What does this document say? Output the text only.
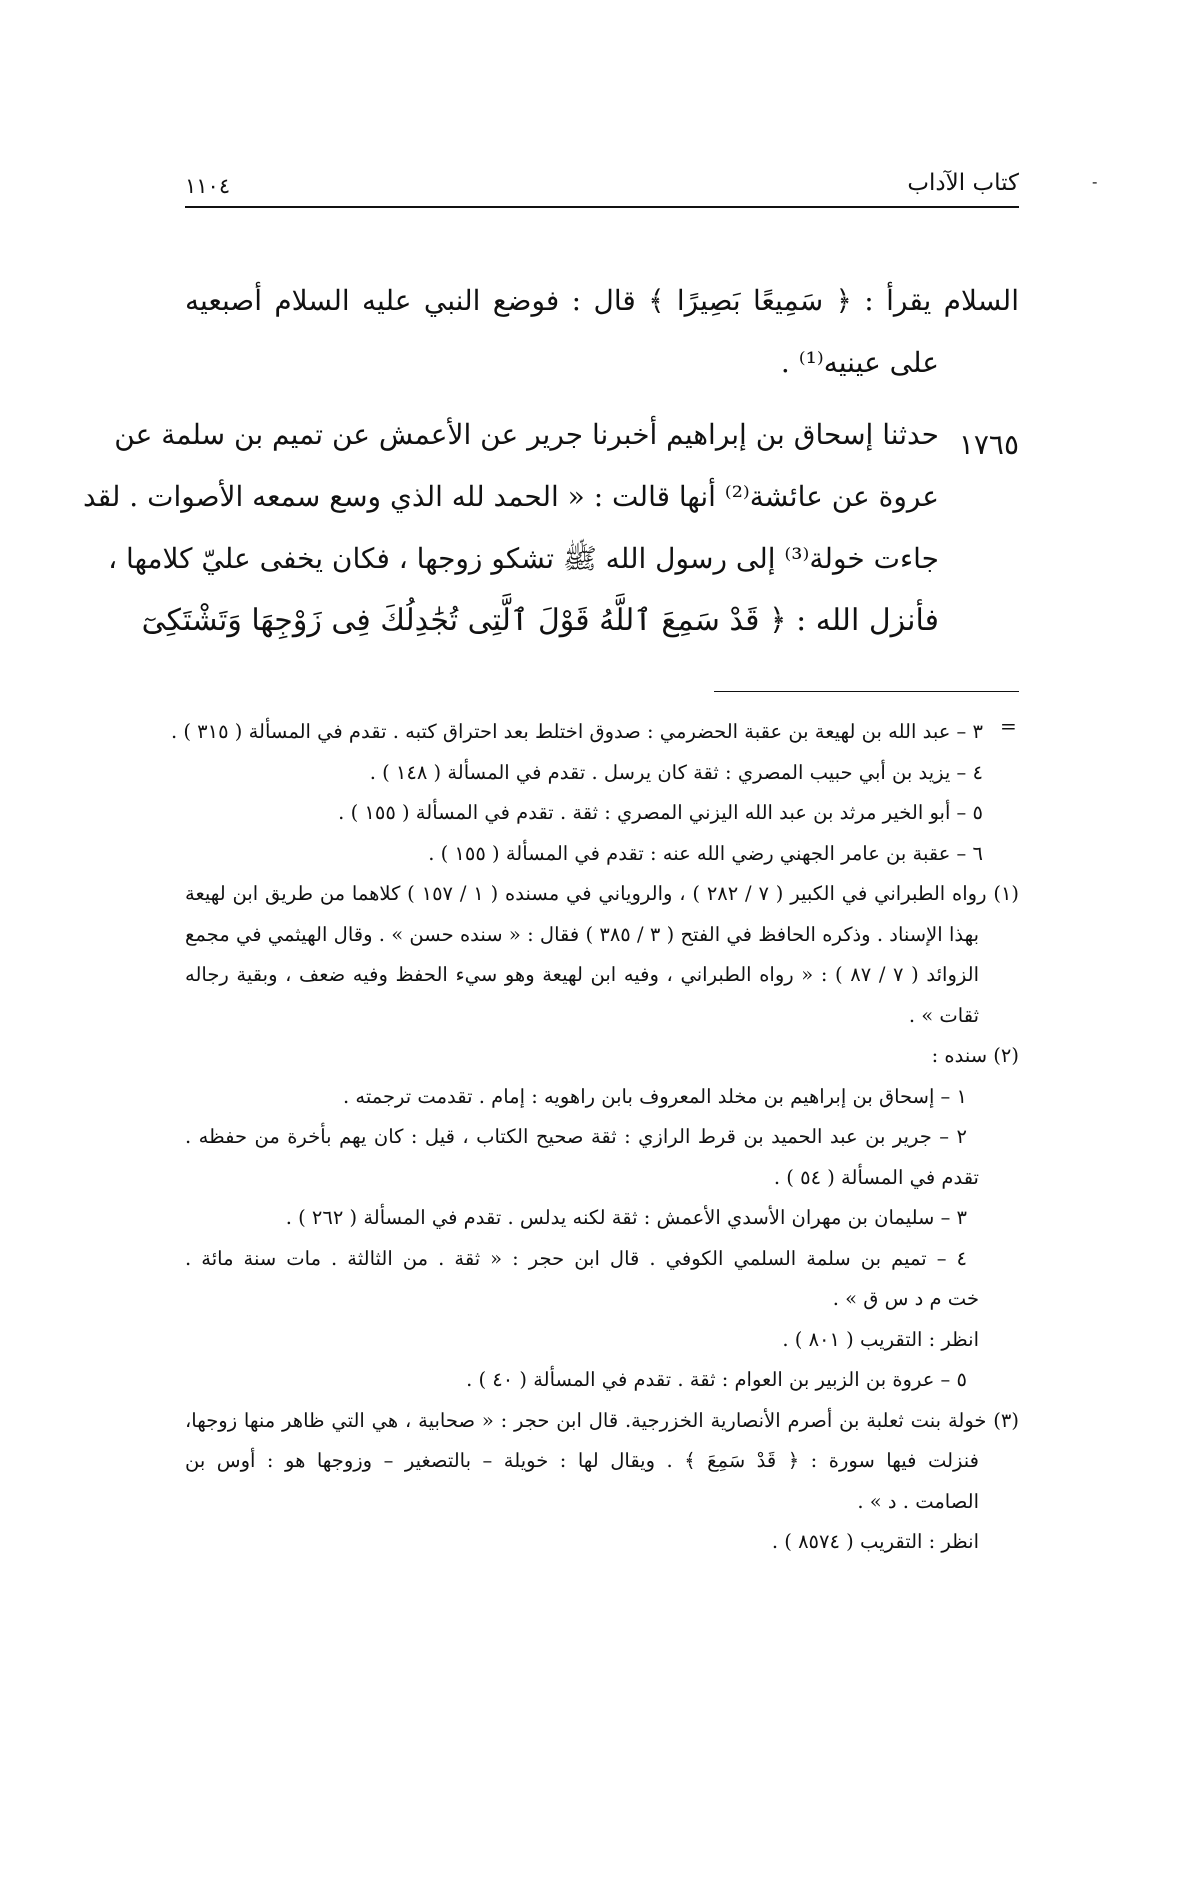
-
كتاب الآداب
١١٠٤
١٧٦٥
السلام يقرأ : ﴿ سَمِيعًا بَصِيرًا ﴾ قال : فوضع النبي عليه السلام أصبعيه
على عينيه⁽¹⁾ .
حدثنا إسحاق بن إبراهيم أخبرنا جرير عن الأعمش عن تميم بن سلمة عن
عروة عن عائشة⁽²⁾ أنها قالت : « الحمد لله الذي وسع سمعه الأصوات . لقد
جاءت خولة⁽³⁾ إلى رسول الله ﷺ تشكو زوجها ، فكان يخفى عليّ كلامها ،
فأنزل الله : ﴿ قَدْ سَمِعَ ٱللَّهُ قَوْلَ ٱلَّتِى تُجَٰدِلُكَ فِى زَوْجِهَا وَتَشْتَكِىٓ
=
٣ – عبد الله بن لهيعة بن عقبة الحضرمي : صدوق اختلط بعد احتراق كتبه . تقدم في المسألة ( ٣١٥ ) .
٤ – يزيد بن أبي حبيب المصري : ثقة كان يرسل . تقدم في المسألة ( ١٤٨ ) .
٥ – أبو الخير مرثد بن عبد الله اليزني المصري : ثقة . تقدم في المسألة ( ١٥٥ ) .
٦ – عقبة بن عامر الجهني رضي الله عنه : تقدم في المسألة ( ١٥٥ ) .
(١) رواه الطبراني في الكبير ( ٧ / ٢٨٢ ) ، والروياني في مسنده ( ١ / ١٥٧ ) كلاهما من طريق ابن لهيعة
بهذا الإسناد . وذكره الحافظ في الفتح ( ٣ / ٣٨٥ ) فقال : « سنده حسن » . وقال الهيثمي في مجمع
الزوائد ( ٧ / ٨٧ ) : « رواه الطبراني ، وفيه ابن لهيعة وهو سيء الحفظ وفيه ضعف ، وبقية رجاله
ثقات » .
(٢) سنده :
١ – إسحاق بن إبراهيم بن مخلد المعروف بابن راهويه : إمام . تقدمت ترجمته .
٢ – جرير بن عبد الحميد بن قرط الرازي : ثقة صحيح الكتاب ، قيل : كان يهم بأخرة من حفظه .
تقدم في المسألة ( ٥٤ ) .
٣ – سليمان بن مهران الأسدي الأعمش : ثقة لكنه يدلس . تقدم في المسألة ( ٢٦٢ ) .
٤ – تميم بن سلمة السلمي الكوفي . قال ابن حجر : « ثقة . من الثالثة . مات سنة مائة .
خت م د س ق » .
انظر : التقريب ( ٨٠١ ) .
٥ – عروة بن الزبير بن العوام : ثقة . تقدم في المسألة ( ٤٠ ) .
(٣) خولة بنت ثعلبة بن أصرم الأنصارية الخزرجية. قال ابن حجر : « صحابية ، هي التي ظاهر منها زوجها،
فنزلت فيها سورة : ﴿ قَدْ سَمِعَ ﴾ . ويقال لها : خويلة – بالتصغير – وزوجها هو : أوس بن
الصامت . د » .
انظر : التقريب ( ٨٥٧٤ ) .
